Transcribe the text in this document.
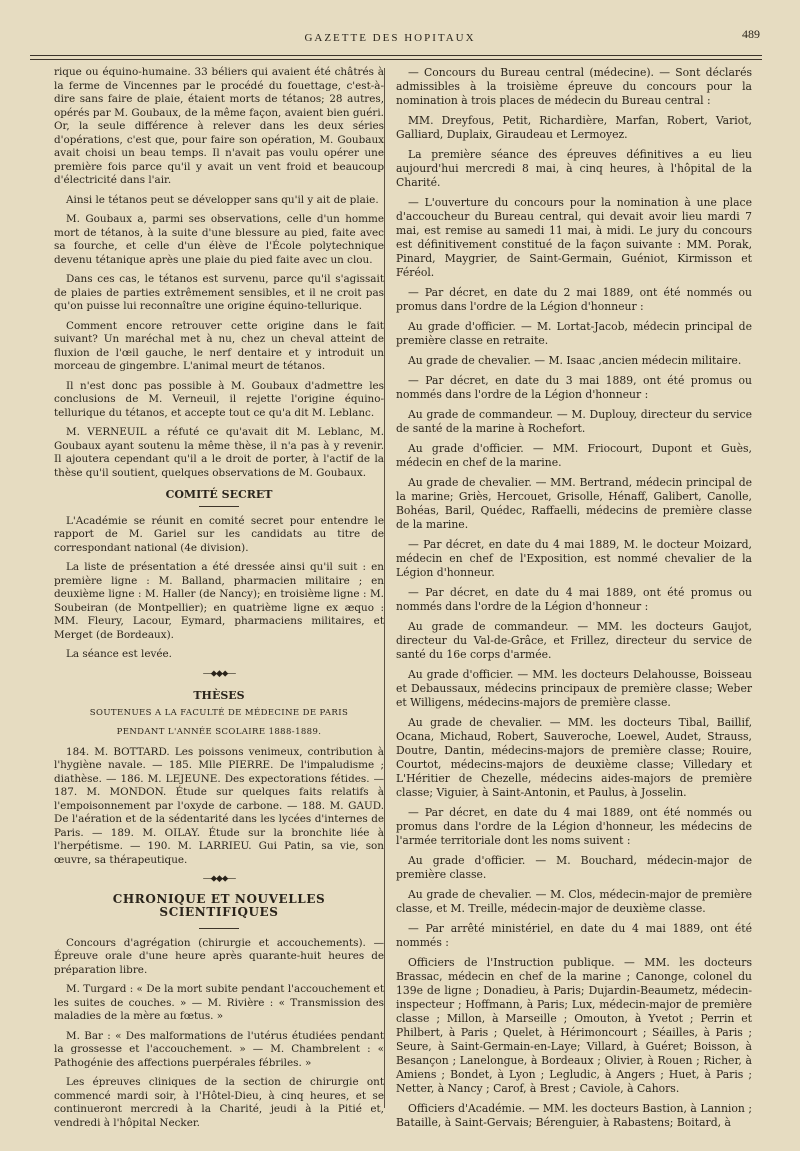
GAZETTE DES HOPITAUX	489

rique ou équino-humaine. 33 béliers qui avaient été châtrés à la ferme de Vincennes par le procédé du fouettage, c'est-à-dire sans faire de plaie, étaient morts de tétanos; 28 autres, opérés par M. Goubaux, de la même façon, avaient bien guéri. Or, la seule différence à relever dans les deux séries d'opérations, c'est que, pour faire son opération, M. Goubaux avait choisi un beau temps. Il n'avait pas voulu opérer une première fois parce qu'il y avait un vent froid et beaucoup d'électricité dans l'air.

Ainsi le tétanos peut se développer sans qu'il y ait de plaie.

M. Goubaux a, parmi ses observations, celle d'un homme mort de tétanos, à la suite d'une blessure au pied, faite avec sa fourche, et celle d'un élève de l'École polytechnique devenu tétanique après une plaie du pied faite avec un clou.

Dans ces cas, le tétanos est survenu, parce qu'il s'agissait de plaies de parties extrêmement sensibles, et il ne croit pas qu'on puisse lui reconnaître une origine équino-tellurique.

Comment encore retrouver cette origine dans le fait suivant? Un maréchal met à nu, chez un cheval atteint de fluxion de l'œil gauche, le nerf dentaire et y introduit un morceau de gingembre. L'animal meurt de tétanos.

Il n'est donc pas possible à M. Goubaux d'admettre les conclusions de M. Verneuil, il rejette l'origine équino-tellurique du tétanos, et accepte tout ce qu'a dit M. Leblanc.

M. VERNEUIL a réfuté ce qu'avait dit M. Leblanc, M. Goubaux ayant soutenu la même thèse, il n'a pas à y revenir. Il ajoutera cependant qu'il a le droit de porter, à l'actif de la thèse qu'il soutient, quelques observations de M. Goubaux.

COMITÉ SECRET

L'Académie se réunit en comité secret pour entendre le rapport de M. Gariel sur les candidats au titre de correspondant national (4e division).

La liste de présentation a été dressée ainsi qu'il suit : en première ligne : M. Balland, pharmacien militaire ; en deuxième ligne : M. Haller (de Nancy); en troisième ligne : M. Soubeiran (de Montpellier); en quatrième ligne ex æquo : MM. Fleury, Lacour, Eymard, pharmaciens militaires, et Merget (de Bordeaux).

La séance est levée.

—⬥◆⬥—
THÈSES
SOUTENUES A LA FACULTÉ DE MÉDECINE DE PARIS
PENDANT L'ANNÉE SCOLAIRE 1888-1889.

184. M. BOTTARD. Les poissons venimeux, contribution à l'hygiène navale. — 185. Mlle PIERRE. De l'impaludisme ; diathèse. — 186. M. LEJEUNE. Des expectorations fétides. — 187. M. MONDON. Étude sur quelques faits relatifs à l'empoisonnement par l'oxyde de carbone. — 188. M. GAUD. De l'aération et de la sédentarité dans les lycées d'internes de Paris. — 189. M. OILAY. Étude sur la bronchite liée à l'herpétisme. — 190. M. LARRIEU. Gui Patin, sa vie, son œuvre, sa thérapeutique.

—⬥◆⬥—
CHRONIQUE ET NOUVELLES SCIENTIFIQUES

Concours d'agrégation (chirurgie et accouchements). — Épreuve orale d'une heure après quarante-huit heures de préparation libre.

M. Turgard : « De la mort subite pendant l'accouchement et les suites de couches. » — M. Rivière : « Transmission des maladies de la mère au fœtus. »

M. Bar : « Des malformations de l'utérus étudiées pendant la grossesse et l'accouchement. » — M. Chambrelent : « Pathogénie des affections puerpérales fébriles. »

Les épreuves cliniques de la section de chirurgie ont commencé mardi soir, à l'Hôtel-Dieu, à cinq heures, et se continueront mercredi à la Charité, jeudi à la Pitié et, vendredi à l'hôpital Necker.

— Concours du Bureau central (médecine). — Sont déclarés admissibles à la troisième épreuve du concours pour la nomination à trois places de médecin du Bureau central :

MM. Dreyfous, Petit, Richardière, Marfan, Robert, Variot, Galliard, Duplaix, Giraudeau et Lermoyez.

La première séance des épreuves définitives a eu lieu aujourd'hui mercredi 8 mai, à cinq heures, à l'hôpital de la Charité.

— L'ouverture du concours pour la nomination à une place d'accoucheur du Bureau central, qui devait avoir lieu mardi 7 mai, est remise au samedi 11 mai, à midi. Le jury du concours est définitivement constitué de la façon suivante : MM. Porak, Pinard, Maygrier, de Saint-Germain, Guéniot, Kirmisson et Féréol.

— Par décret, en date du 2 mai 1889, ont été nommés ou promus dans l'ordre de la Légion d'honneur :

Au grade d'officier. — M. Lortat-Jacob, médecin principal de première classe en retraite.

Au grade de chevalier. — M. Isaac ,ancien médecin militaire.

— Par décret, en date du 3 mai 1889, ont été promus ou nommés dans l'ordre de la Légion d'honneur :

Au grade de commandeur. — M. Duplouy, directeur du service de santé de la marine à Rochefort.

Au grade d'officier. — MM. Friocourt, Dupont et Guès, médecin en chef de la marine.

Au grade de chevalier. — MM. Bertrand, médecin principal de la marine; Griès, Hercouet, Grisolle, Hénaff, Galibert, Canolle, Bohéas, Baril, Quédec, Raffaelli, médecins de première classe de la marine.

— Par décret, en date du 4 mai 1889, M. le docteur Moizard, médecin en chef de l'Exposition, est nommé chevalier de la Légion d'honneur.

— Par décret, en date du 4 mai 1889, ont été promus ou nommés dans l'ordre de la Légion d'honneur :

Au grade de commandeur. — MM. les docteurs Gaujot, directeur du Val-de-Grâce, et Frillez, directeur du service de santé du 16e corps d'armée.

Au grade d'officier. — MM. les docteurs Delahousse, Boisseau et Debaussaux, médecins principaux de première classe; Weber et Willigens, médecins-majors de première classe.

Au grade de chevalier. — MM. les docteurs Tibal, Baillif, Ocana, Michaud, Robert, Sauveroche, Loewel, Audet, Strauss, Doutre, Dantin, médecins-majors de première classe; Rouire, Courtot, médecins-majors de deuxième classe; Villedary et L'Héritier de Chezelle, médecins aides-majors de première classe; Viguier, à Saint-Antonin, et Paulus, à Josselin.

— Par décret, en date du 4 mai 1889, ont été nommés ou promus dans l'ordre de la Légion d'honneur, les médecins de l'armée territoriale dont les noms suivent :

Au grade d'officier. — M. Bouchard, médecin-major de première classe.

Au grade de chevalier. — M. Clos, médecin-major de première classe, et M. Treille, médecin-major de deuxième classe.

— Par arrêté ministériel, en date du 4 mai 1889, ont été nommés :

Officiers de l'Instruction publique. — MM. les docteurs Brassac, médecin en chef de la marine ; Canonge, colonel du 139e de ligne ; Donadieu, à Paris; Dujardin-Beaumetz, médecin-inspecteur ; Hoffmann, à Paris; Lux, médecin-major de première classe ; Millon, à Marseille ; Omouton, à Yvetot ; Perrin et Philbert, à Paris ; Quelet, à Hérimoncourt ; Séailles, à Paris ; Seure, à Saint-Germain-en-Laye; Villard, à Guéret; Boisson, à Besançon ; Lanelongue, à Bordeaux ; Olivier, à Rouen ; Richer, à Amiens ; Bondet, à Lyon ; Legludic, à Angers ; Huet, à Paris ; Netter, à Nancy ; Carof, à Brest ; Caviole, à Cahors.

Officiers d'Académie. — MM. les docteurs Bastion, à Lannion ; Bataille, à Saint-Gervais; Bérenguier, à Rabastens; Boitard, à
